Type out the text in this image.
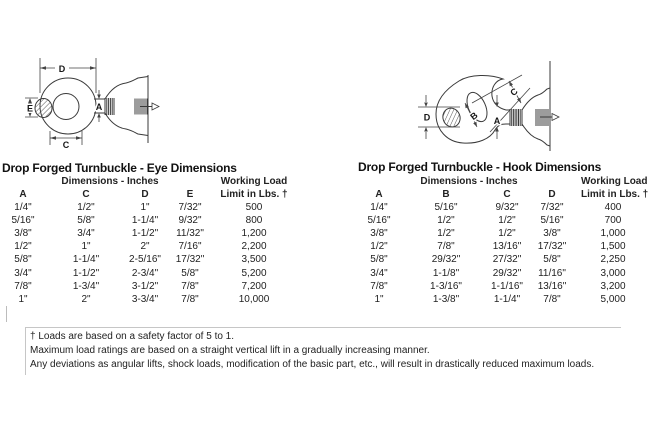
D
E	A
C
D	B
C
A
Drop Forged Turnbuckle - Eye Dimensions
Dimensions - Inches				Working Load
A	C	D	E	Limit in Lbs. †
1/4"	1/2"	1"	7/32"	500
5/16"	5/8"	1-1/4"	9/32"	800
3/8"	3/4"	1-1/2"	11/32"	1,200
1/2"	1"	2"	7/16"	2,200
5/8"	1-1/4"	2-5/16"	17/32"	3,500
3/4"	1-1/2"	2-3/4"	5/8"	5,200
7/8"	1-3/4"	3-1/2"	7/8"	7,200
1"	2"	3-3/4"	7/8"	10,000
Drop Forged Turnbuckle - Hook Dimensions
Dimensions - Inches				Working Load
A	B	C	D	Limit in Lbs. †
1/4"	5/16"	9/32"	7/32"	400
5/16"	1/2"	1/2"	5/16"	700
3/8"	1/2"	1/2"	3/8"	1,000
1/2"	7/8"	13/16"	17/32"	1,500
5/8"	29/32"	27/32"	5/8"	2,250
3/4"	1-1/8"	29/32"	11/16"	3,000
7/8"	1-3/16"	1-1/16"	13/16"	3,200
1"	1-3/8"	1-1/4"	7/8"	5,000
† Loads are based on a safety factor of 5 to 1.
Maximum load ratings are based on a straight vertical lift in a gradually increasing manner.
Any deviations as angular lifts, shock loads, modification of the basic part, etc., will result in drastically reduced maximum loads.
